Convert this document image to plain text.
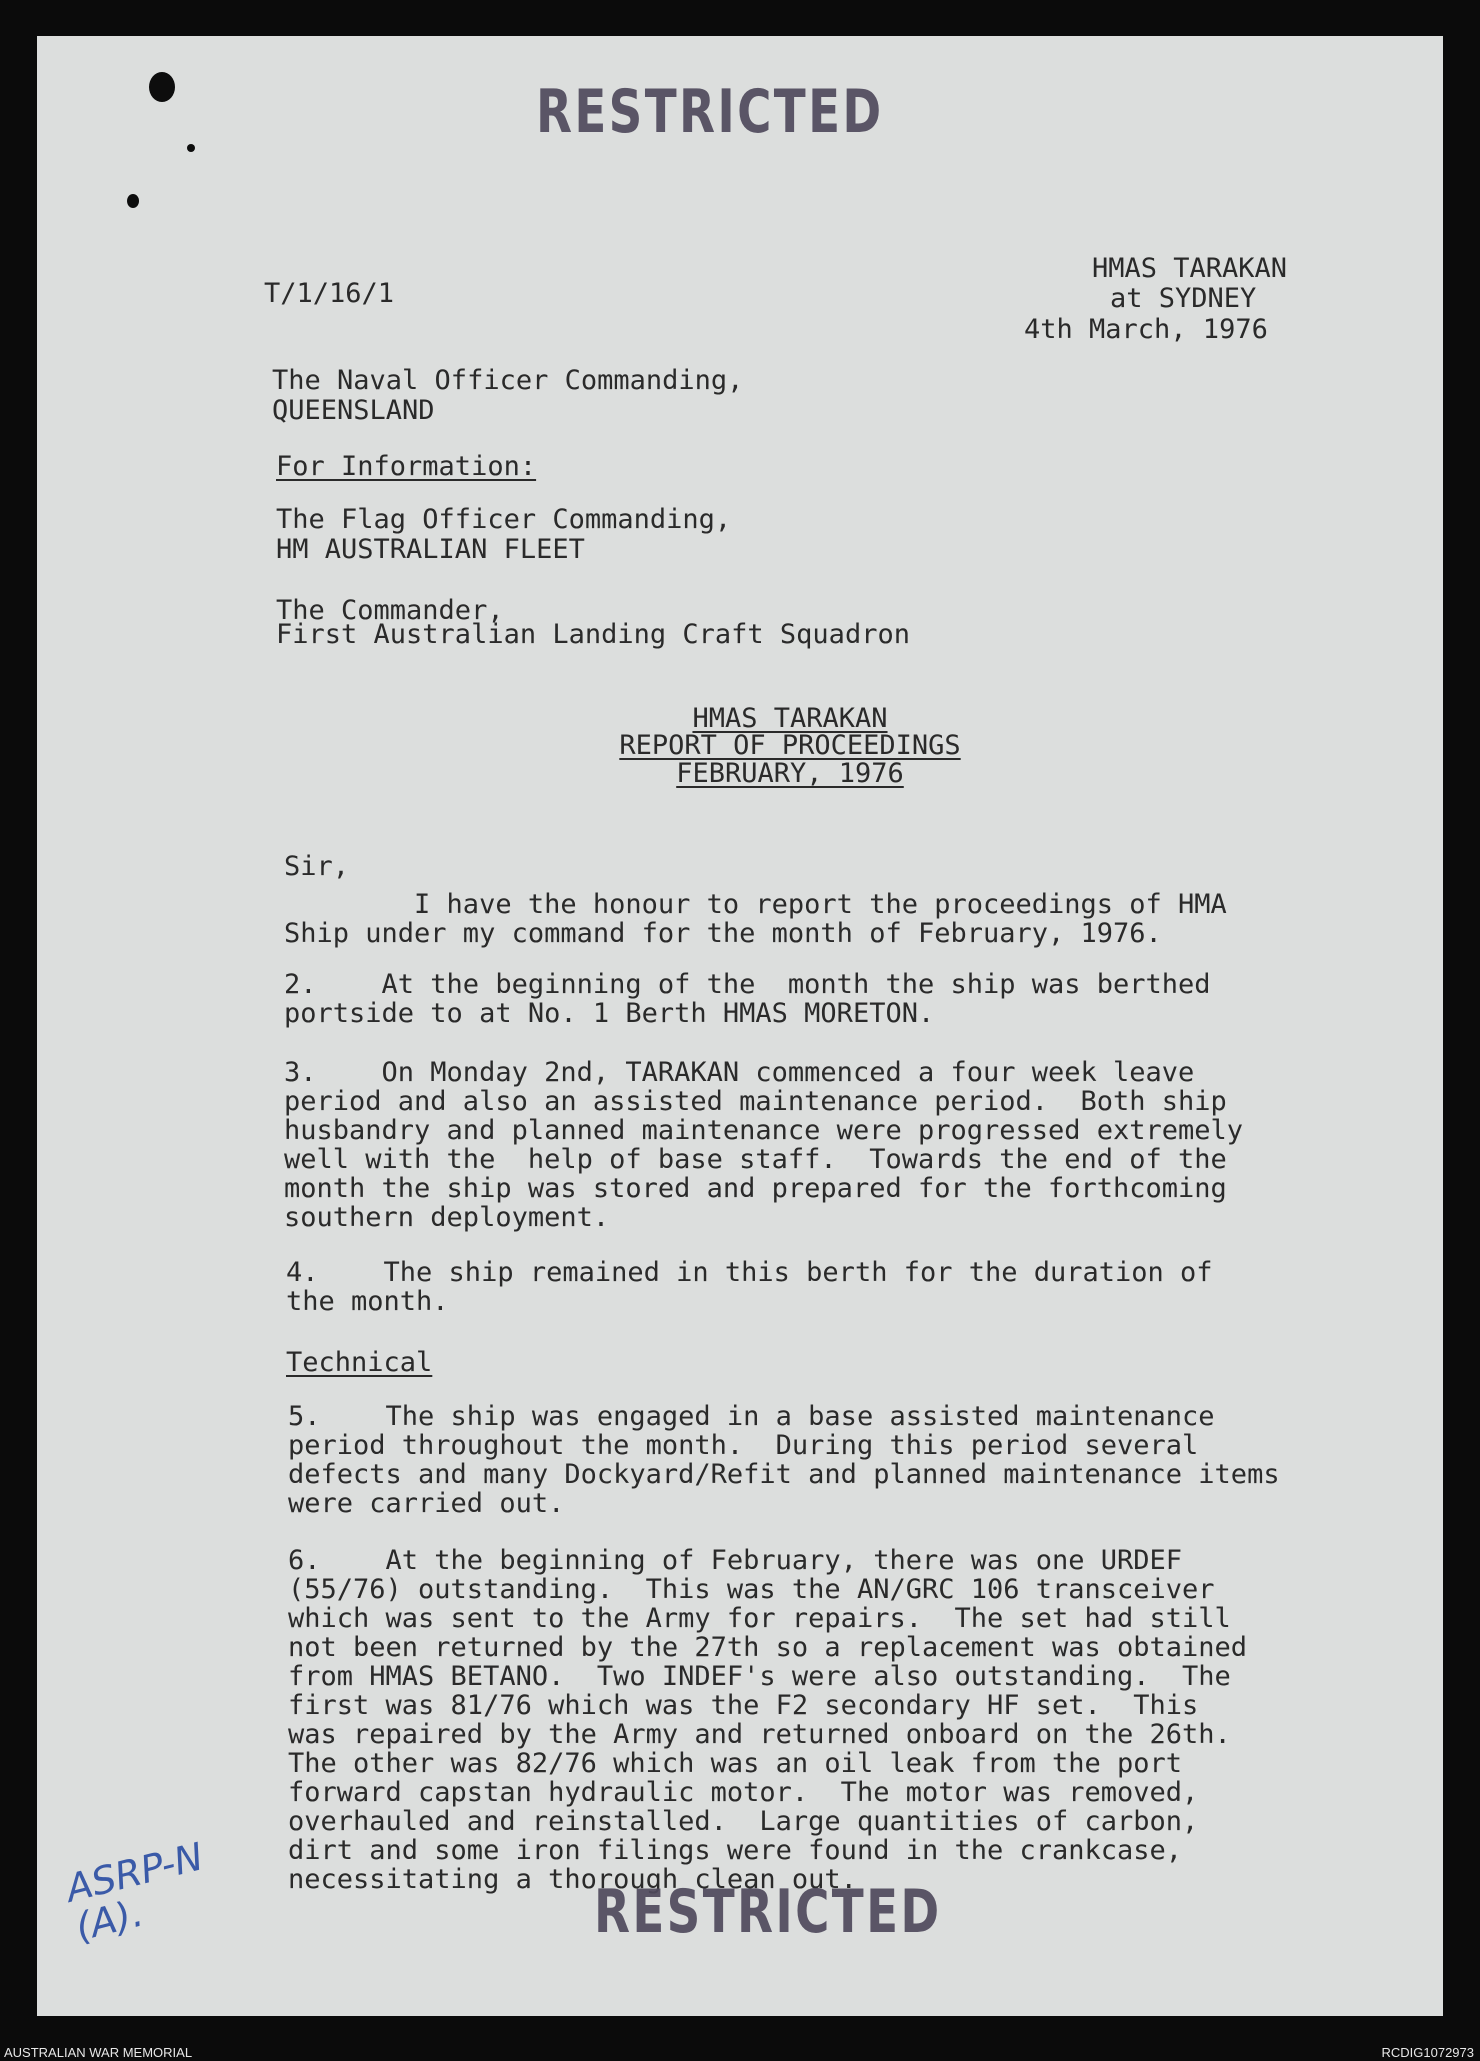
RESTRICTED
T/1/16/1
HMAS TARAKAN
at SYDNEY
4th March, 1976
The Naval Officer Commanding,
QUEENSLAND
For Information:
The Flag Officer Commanding,
HM AUSTRALIAN FLEET
The Commander,
First Australian Landing Craft Squadron
HMAS TARAKAN
REPORT OF PROCEEDINGS
FEBRUARY, 1976
Sir,
I have the honour to report the proceedings of HMA
Ship under my command for the month of February, 1976.
2.    At the beginning of the  month the ship was berthed
portside to at No. 1 Berth HMAS MORETON.
3.    On Monday 2nd, TARAKAN commenced a four week leave
period and also an assisted maintenance period.  Both ship
husbandry and planned maintenance were progressed extremely
well with the  help of base staff.  Towards the end of the
month the ship was stored and prepared for the forthcoming
southern deployment.
4.    The ship remained in this berth for the duration of
the month.
Technical
5.    The ship was engaged in a base assisted maintenance
period throughout the month.  During this period several
defects and many Dockyard/Refit and planned maintenance items
were carried out.
6.    At the beginning of February, there was one URDEF
(55/76) outstanding.  This was the AN/GRC 106 transceiver
which was sent to the Army for repairs.  The set had still
not been returned by the 27th so a replacement was obtained
from HMAS BETANO.  Two INDEF's were also outstanding.  The
first was 81/76 which was the F2 secondary HF set.  This
was repaired by the Army and returned onboard on the 26th.
The other was 82/76 which was an oil leak from the port
forward capstan hydraulic motor.  The motor was removed,
overhauled and reinstalled.  Large quantities of carbon,
dirt and some iron filings were found in the crankcase,
necessitating a thorough clean out.
ASRP-N
(A).	RESTRICTED
AUSTRALIAN WAR MEMORIAL	RCDIG1072973
